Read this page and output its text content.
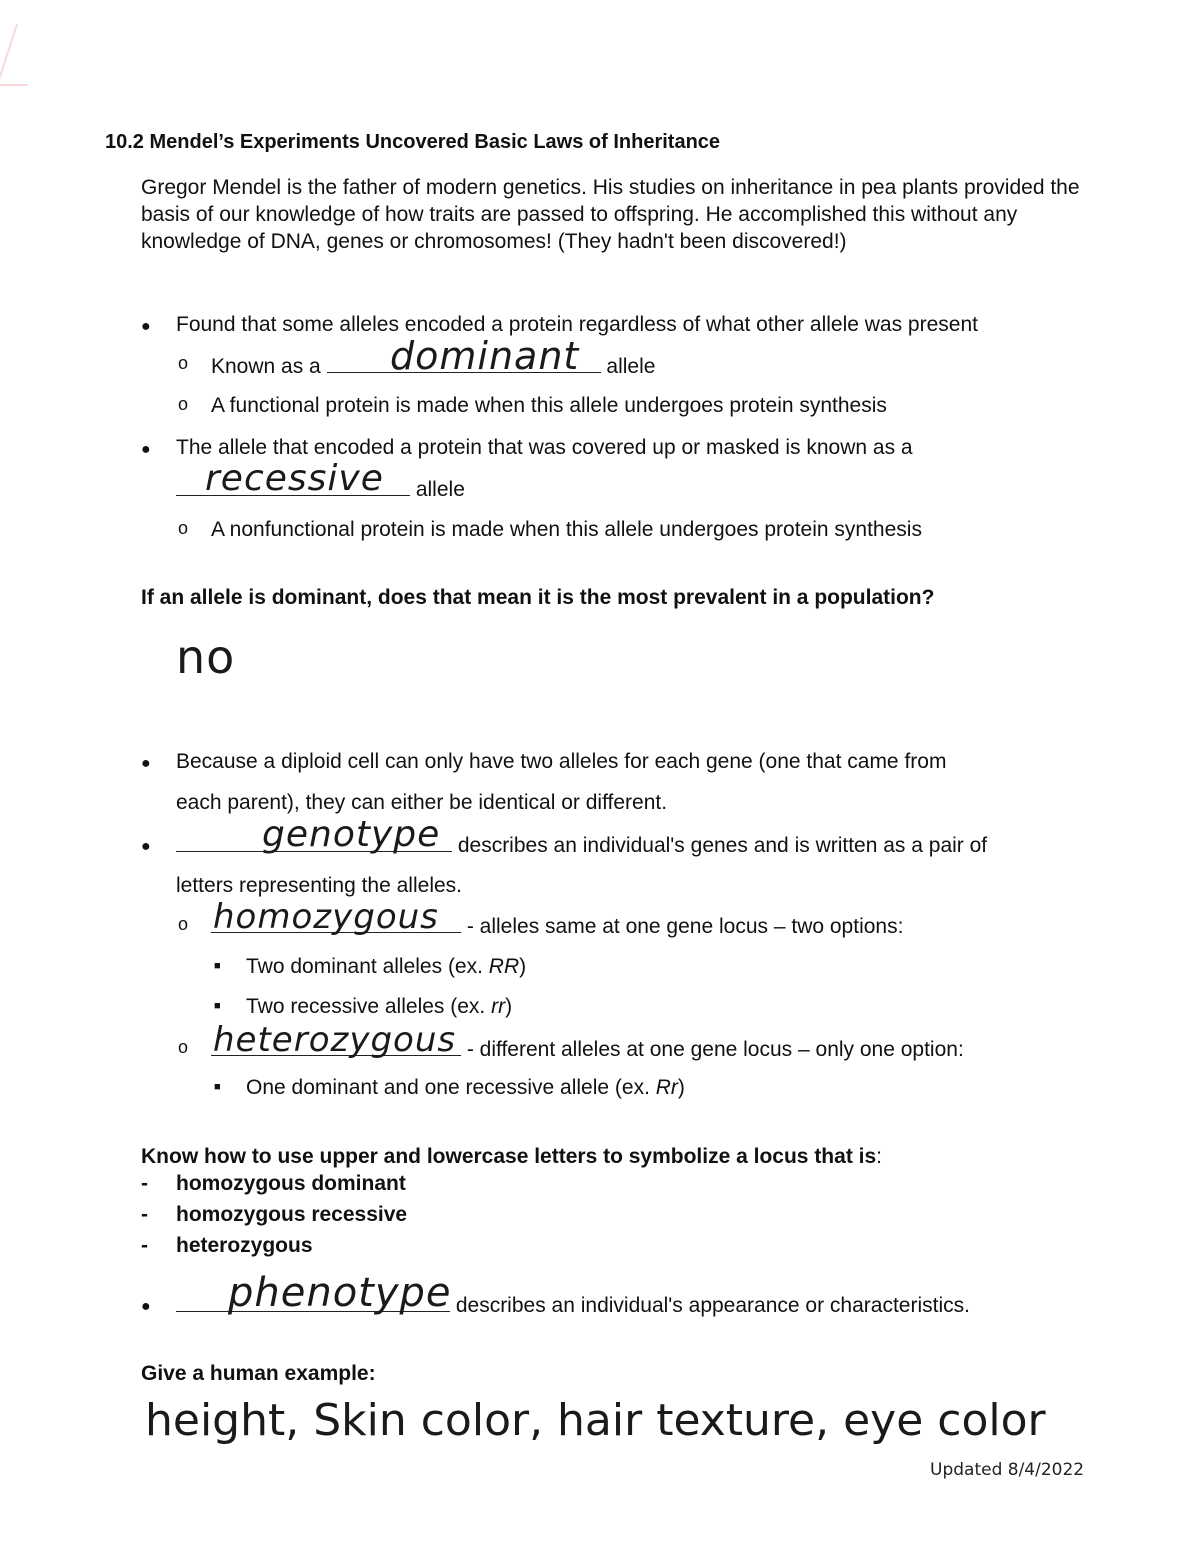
10.2 Mendel’s Experiments Uncovered Basic Laws of Inheritance
Gregor Mendel is the father of modern genetics. His studies on inheritance in pea plants provided the basis of our knowledge of how traits are passed to offspring. He accomplished this without any knowledge of DNA, genes or chromosomes! (They hadn't been discovered!)
● Found that some alleles encoded a protein regardless of what other allele was present
o Known as a	allele
dominant
o A functional protein is made when this allele undergoes protein synthesis
● The allele that encoded a protein that was covered up or masked is known as a
allele
recessive
o A nonfunctional protein is made when this allele undergoes protein synthesis
If an allele is dominant, does that mean it is the most prevalent in a population?
no
● Because a diploid cell can only have two alleles for each gene (one that came from
each parent), they can either be identical or different.
●	describes an individual's genes and is written as a pair of
genotype
letters representing the alleles.
o	- alleles same at one gene locus – two options:
homozygous
■ Two dominant alleles (ex. RR)
■ Two recessive alleles (ex. rr)
o	- different alleles at one gene locus – only one option:
heterozygous
■ One dominant and one recessive allele (ex. Rr)
Know how to use upper and lowercase letters to symbolize a locus that is:
- homozygous dominant
- homozygous recessive
- heterozygous
●	describes an individual's appearance or characteristics.
phenotype
Give a human example:
height, Skin color, hair texture, eye color
Updated 8/4/2022
